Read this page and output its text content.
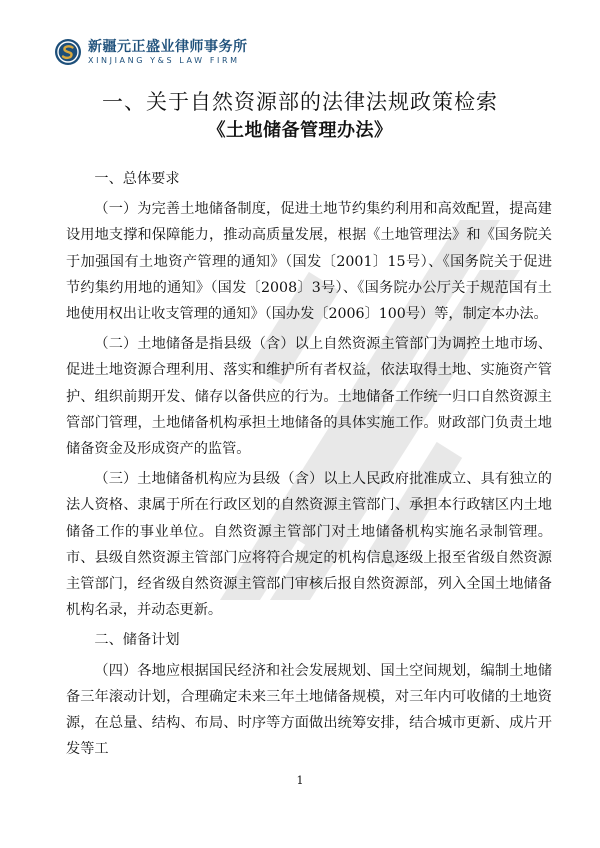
新疆元正盛业律师事务所
XINJIANG Y&S LAW FIRM
一、关于自然资源部的法律法规政策检索
《土地储备管理办法》

一、总体要求

（一）为完善土地储备制度，促进土地节约集约利用和高效配置，提高建设用地支撑和保障能力，推动高质量发展，根据《土地管理法》和《国务院关于加强国有土地资产管理的通知》（国发〔2001〕15号）、《国务院关于促进节约集约用地的通知》（国发〔2008〕3号）、《国务院办公厅关于规范国有土地使用权出让收支管理的通知》（国办发〔2006〕100号）等，制定本办法。

（二）土地储备是指县级（含）以上自然资源主管部门为调控土地市场、促进土地资源合理利用、落实和维护所有者权益，依法取得土地、实施资产管护、组织前期开发、储存以备供应的行为。土地储备工作统一归口自然资源主管部门管理，土地储备机构承担土地储备的具体实施工作。财政部门负责土地储备资金及形成资产的监管。

（三）土地储备机构应为县级（含）以上人民政府批准成立、具有独立的法人资格、隶属于所在行政区划的自然资源主管部门、承担本行政辖区内土地储备工作的事业单位。自然资源主管部门对土地储备机构实施名录制管理。市、县级自然资源主管部门应将符合规定的机构信息逐级上报至省级自然资源主管部门，经省级自然资源主管部门审核后报自然资源部，列入全国土地储备机构名录，并动态更新。

二、储备计划

（四）各地应根据国民经济和社会发展规划、国土空间规划，编制土地储备三年滚动计划，合理确定未来三年土地储备规模，对三年内可收储的土地资源，在总量、结构、布局、时序等方面做出统筹安排，结合城市更新、成片开发等工

1
